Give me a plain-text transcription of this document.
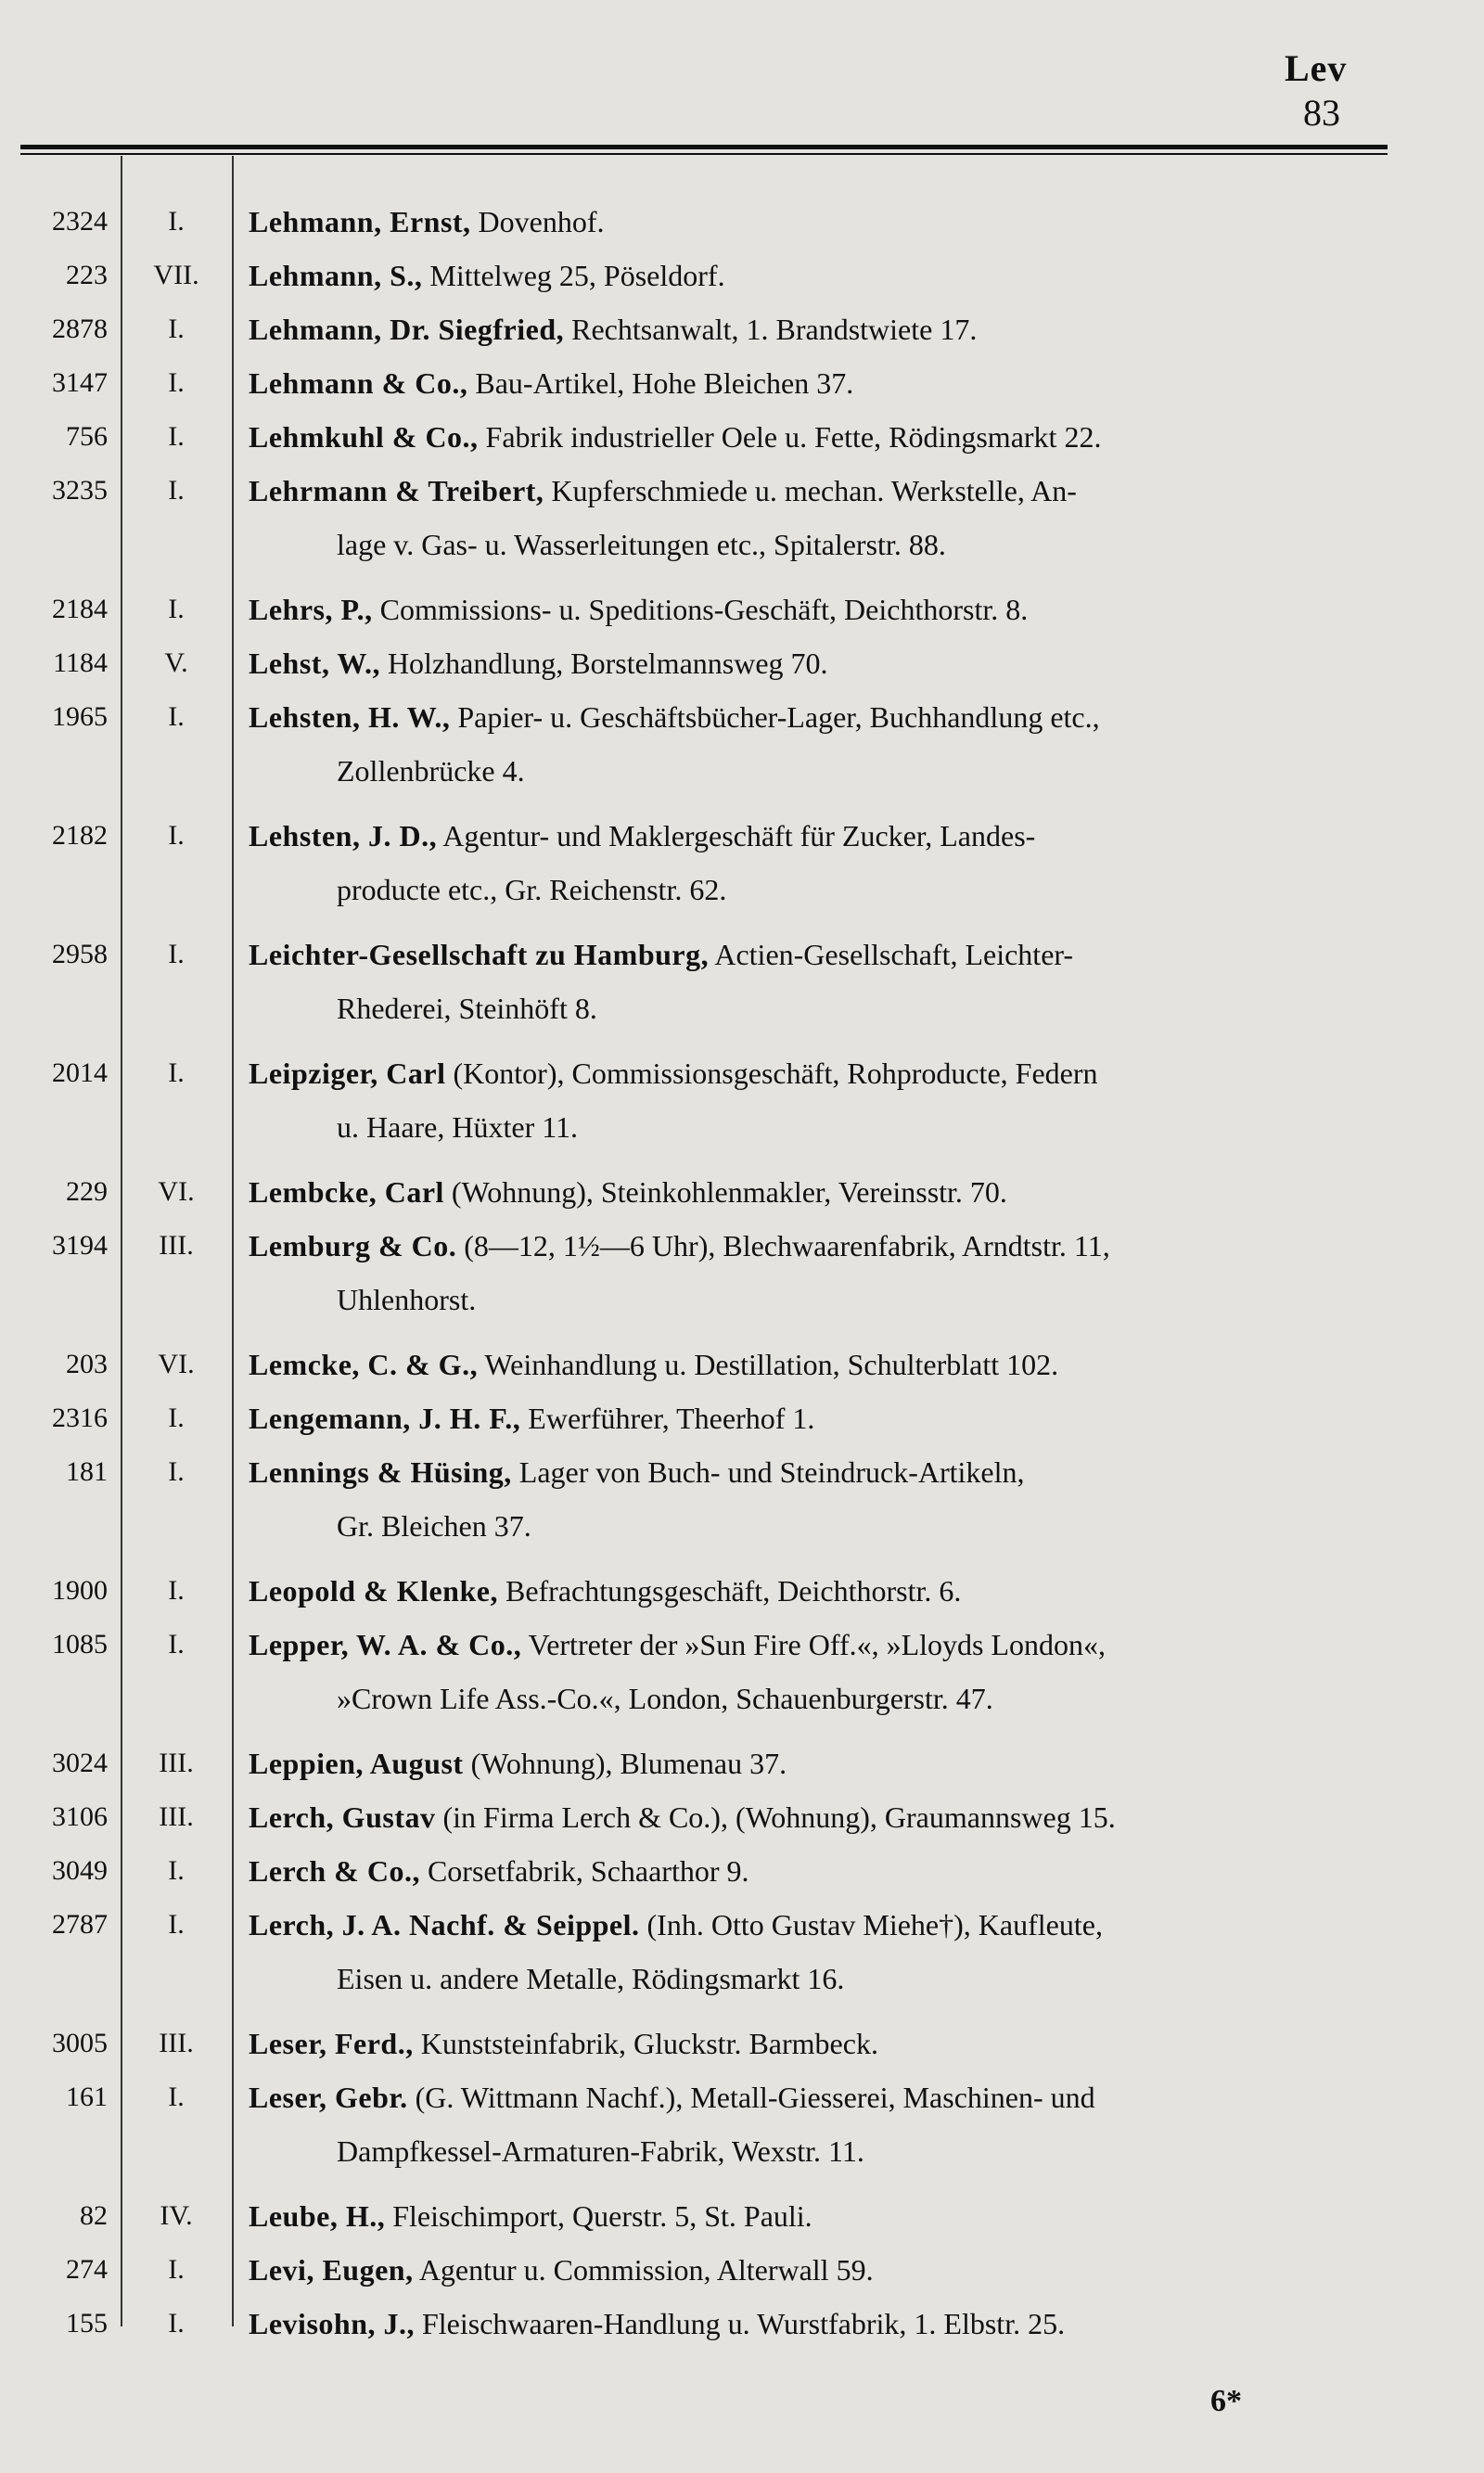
Lev
83
2324	I.	Lehmann, Ernst, Dovenhof.
223	VII.	Lehmann, S., Mittelweg 25, Pöseldorf.
2878	I.	Lehmann, Dr. Siegfried, Rechtsanwalt, 1. Brandstwiete 17.
3147	I.	Lehmann & Co., Bau-Artikel, Hohe Bleichen 37.
756	I.	Lehmkuhl & Co., Fabrik industrieller Oele u. Fette, Rödingsmarkt 22.
3235	I.	Lehrmann & Treibert, Kupferschmiede u. mechan. Werkstelle, An-
lage v. Gas- u. Wasserleitungen etc., Spitalerstr. 88.
2184	I.	Lehrs, P., Commissions- u. Speditions-Geschäft, Deichthorstr. 8.
1184	V.	Lehst, W., Holzhandlung, Borstelmannsweg 70.
1965	I.	Lehsten, H. W., Papier- u. Geschäftsbücher-Lager, Buchhandlung etc.,
Zollenbrücke 4.
2182	I.	Lehsten, J. D., Agentur- und Maklergeschäft für Zucker, Landes-
producte etc., Gr. Reichenstr. 62.
2958	I.	Leichter-Gesellschaft zu Hamburg, Actien-Gesellschaft, Leichter-
Rhederei, Steinhöft 8.
2014	I.	Leipziger, Carl (Kontor), Commissionsgeschäft, Rohproducte, Federn
u. Haare, Hüxter 11.
229	VI.	Lembcke, Carl (Wohnung), Steinkohlenmakler, Vereinsstr. 70.
3194	III.	Lemburg & Co. (8—12, 1½—6 Uhr), Blechwaarenfabrik, Arndtstr. 11,
Uhlenhorst.
203	VI.	Lemcke, C. & G., Weinhandlung u. Destillation, Schulterblatt 102.
2316	I.	Lengemann, J. H. F., Ewerführer, Theerhof 1.
181	I.	Lennings & Hüsing, Lager von Buch- und Steindruck-Artikeln,
Gr. Bleichen 37.
1900	I.	Leopold & Klenke, Befrachtungsgeschäft, Deichthorstr. 6.
1085	I.	Lepper, W. A. & Co., Vertreter der »Sun Fire Off.«, »Lloyds London«,
»Crown Life Ass.-Co.«, London, Schauenburgerstr. 47.
3024	III.	Leppien, August (Wohnung), Blumenau 37.
3106	III.	Lerch, Gustav (in Firma Lerch & Co.), (Wohnung), Graumannsweg 15.
3049	I.	Lerch & Co., Corsetfabrik, Schaarthor 9.
2787	I.	Lerch, J. A. Nachf. & Seippel. (Inh. Otto Gustav Miehe†), Kaufleute,
Eisen u. andere Metalle, Rödingsmarkt 16.
3005	III.	Leser, Ferd., Kunststeinfabrik, Gluckstr. Barmbeck.
161	I.	Leser, Gebr. (G. Wittmann Nachf.), Metall-Giesserei, Maschinen- und
Dampfkessel-Armaturen-Fabrik, Wexstr. 11.
82	IV.	Leube, H., Fleischimport, Querstr. 5, St. Pauli.
274	I.	Levi, Eugen, Agentur u. Commission, Alterwall 59.
155	I.	Levisohn, J., Fleischwaaren-Handlung u. Wurstfabrik, 1. Elbstr. 25.
6*
